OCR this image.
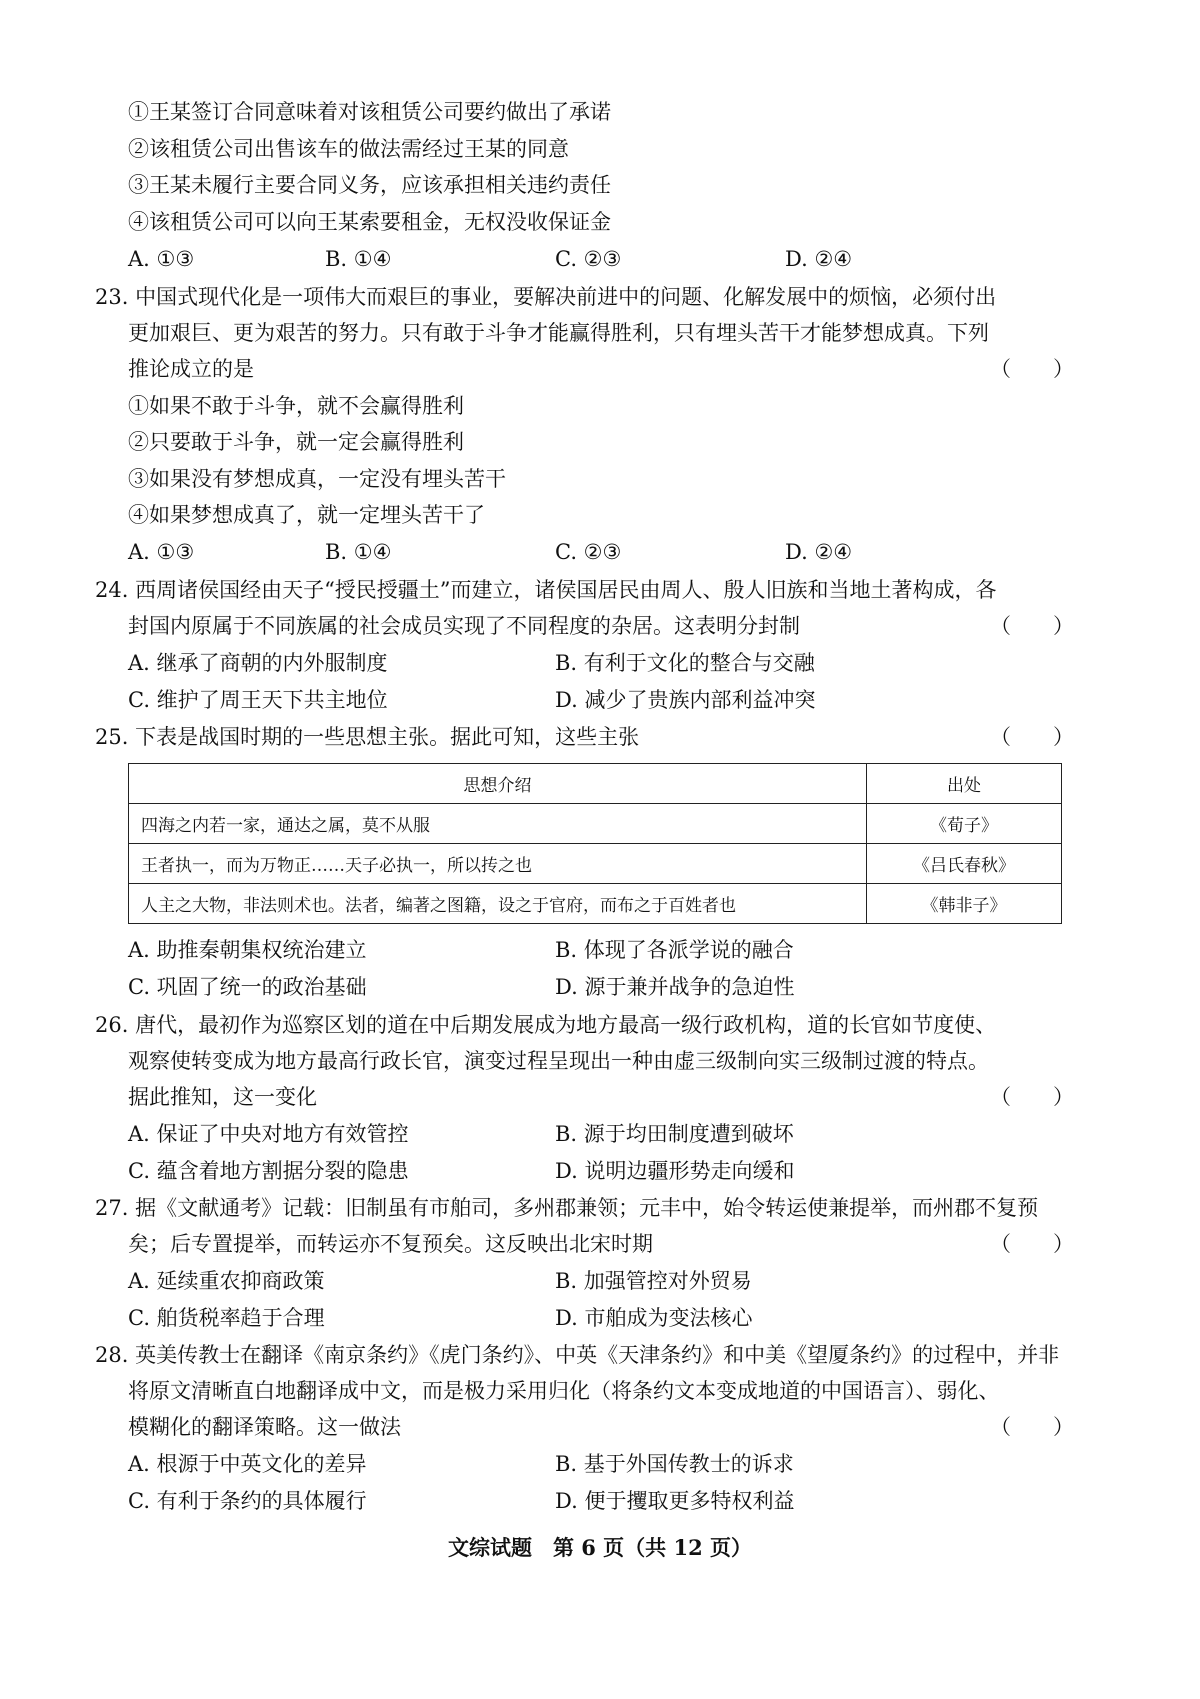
①王某签订合同意味着对该租赁公司要约做出了承诺
②该租赁公司出售该车的做法需经过王某的同意
③王某未履行主要合同义务，应该承担相关违约责任
④该租赁公司可以向王某索要租金，无权没收保证金
A. ①③	B. ①④	C. ②③	D. ②④
23. 中国式现代化是一项伟大而艰巨的事业，要解决前进中的问题、化解发展中的烦恼，必须付出
更加艰巨、更为艰苦的努力。只有敢于斗争才能赢得胜利，只有埋头苦干才能梦想成真。下列
推论成立的是	（　　）
①如果不敢于斗争，就不会赢得胜利
②只要敢于斗争，就一定会赢得胜利
③如果没有梦想成真，一定没有埋头苦干
④如果梦想成真了，就一定埋头苦干了
A. ①③	B. ①④	C. ②③	D. ②④
24. 西周诸侯国经由天子“授民授疆土”而建立，诸侯国居民由周人、殷人旧族和当地土著构成，各
封国内原属于不同族属的社会成员实现了不同程度的杂居。这表明分封制	（　　）
A. 继承了商朝的内外服制度	B. 有利于文化的整合与交融
C. 维护了周王天下共主地位	D. 减少了贵族内部利益冲突
25. 下表是战国时期的一些思想主张。据此可知，这些主张	（　　）
思想介绍	出处
四海之内若一家，通达之属，莫不从服	《荀子》
王者执一，而为万物正……天子必执一，所以抟之也	《吕氏春秋》
人主之大物，非法则术也。法者，编著之图籍，设之于官府，而布之于百姓者也	《韩非子》
A. 助推秦朝集权统治建立	B. 体现了各派学说的融合
C. 巩固了统一的政治基础	D. 源于兼并战争的急迫性
26. 唐代，最初作为巡察区划的道在中后期发展成为地方最高一级行政机构，道的长官如节度使、
观察使转变成为地方最高行政长官，演变过程呈现出一种由虚三级制向实三级制过渡的特点。
据此推知，这一变化	（　　）
A. 保证了中央对地方有效管控	B. 源于均田制度遭到破坏
C. 蕴含着地方割据分裂的隐患	D. 说明边疆形势走向缓和
27. 据《文献通考》记载：旧制虽有市舶司，多州郡兼领；元丰中，始令转运使兼提举，而州郡不复预
矣；后专置提举，而转运亦不复预矣。这反映出北宋时期	（　　）
A. 延续重农抑商政策	B. 加强管控对外贸易
C. 舶货税率趋于合理	D. 市舶成为变法核心
28. 英美传教士在翻译《南京条约》《虎门条约》、中英《天津条约》和中美《望厦条约》的过程中，并非
将原文清晰直白地翻译成中文，而是极力采用归化（将条约文本变成地道的中国语言）、弱化、
模糊化的翻译策略。这一做法	（　　）
A. 根源于中英文化的差异	B. 基于外国传教士的诉求
C. 有利于条约的具体履行	D. 便于攫取更多特权利益
文综试题　第 6 页（共 12 页）
